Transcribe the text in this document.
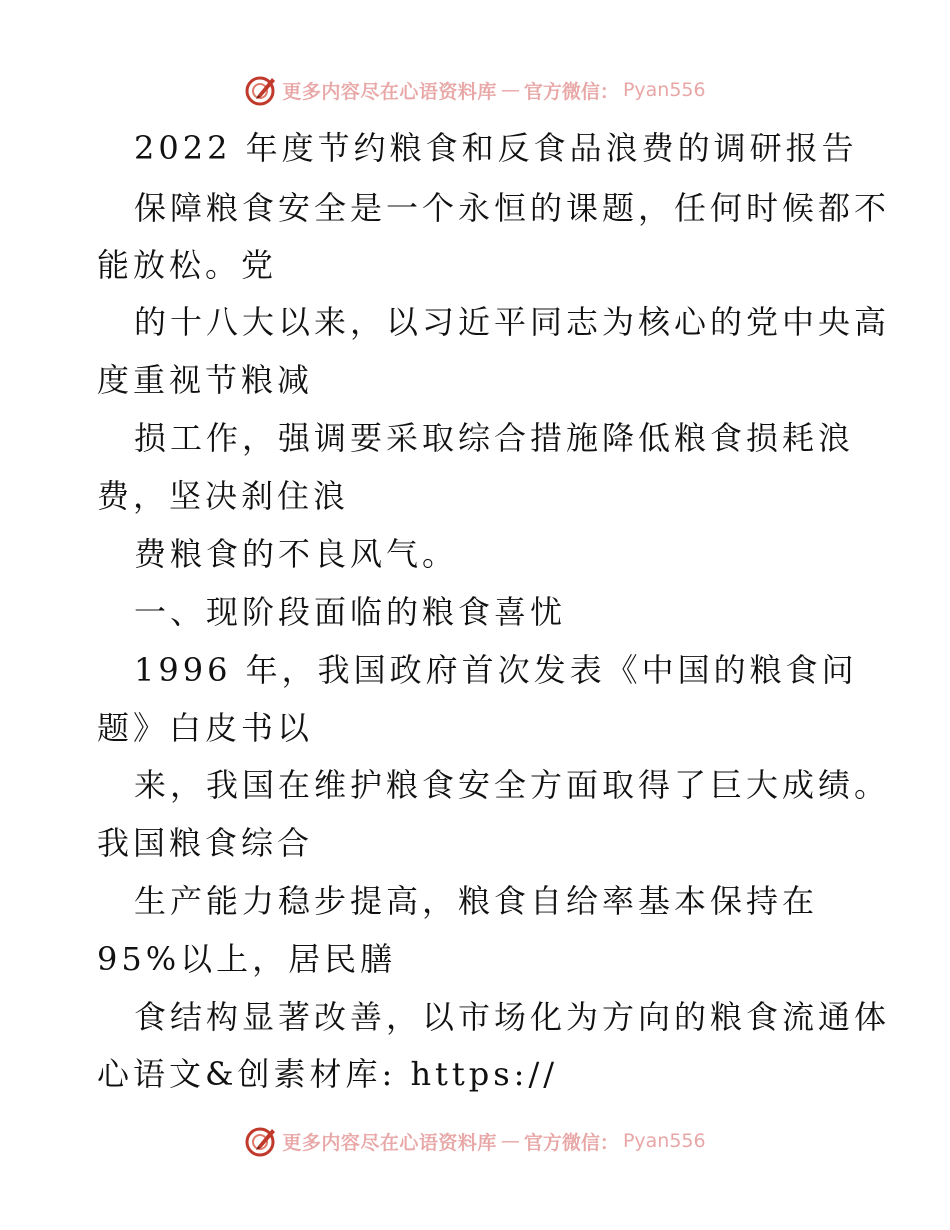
更多内容尽在心语资料库 — 官方微信： Pyan556
2022 年度节约粮食和反食品浪费的调研报告
保障粮食安全是一个永恒的课题，任何时候都不
能放松。党
的十八大以来，以习近平同志为核心的党中央高
度重视节粮减
损工作，强调要采取综合措施降低粮食损耗浪
费，坚决刹住浪
费粮食的不良风气。
一、现阶段面临的粮食喜忧
1996 年，我国政府首次发表《中国的粮食问
题》白皮书以
来，我国在维护粮食安全方面取得了巨大成绩。
我国粮食综合
生产能力稳步提高，粮食自给率基本保持在
95%以上，居民膳
食结构显著改善，以市场化为方向的粮食流通体
心语文&创素材库: https://
更多内容尽在心语资料库 — 官方微信： Pyan556
